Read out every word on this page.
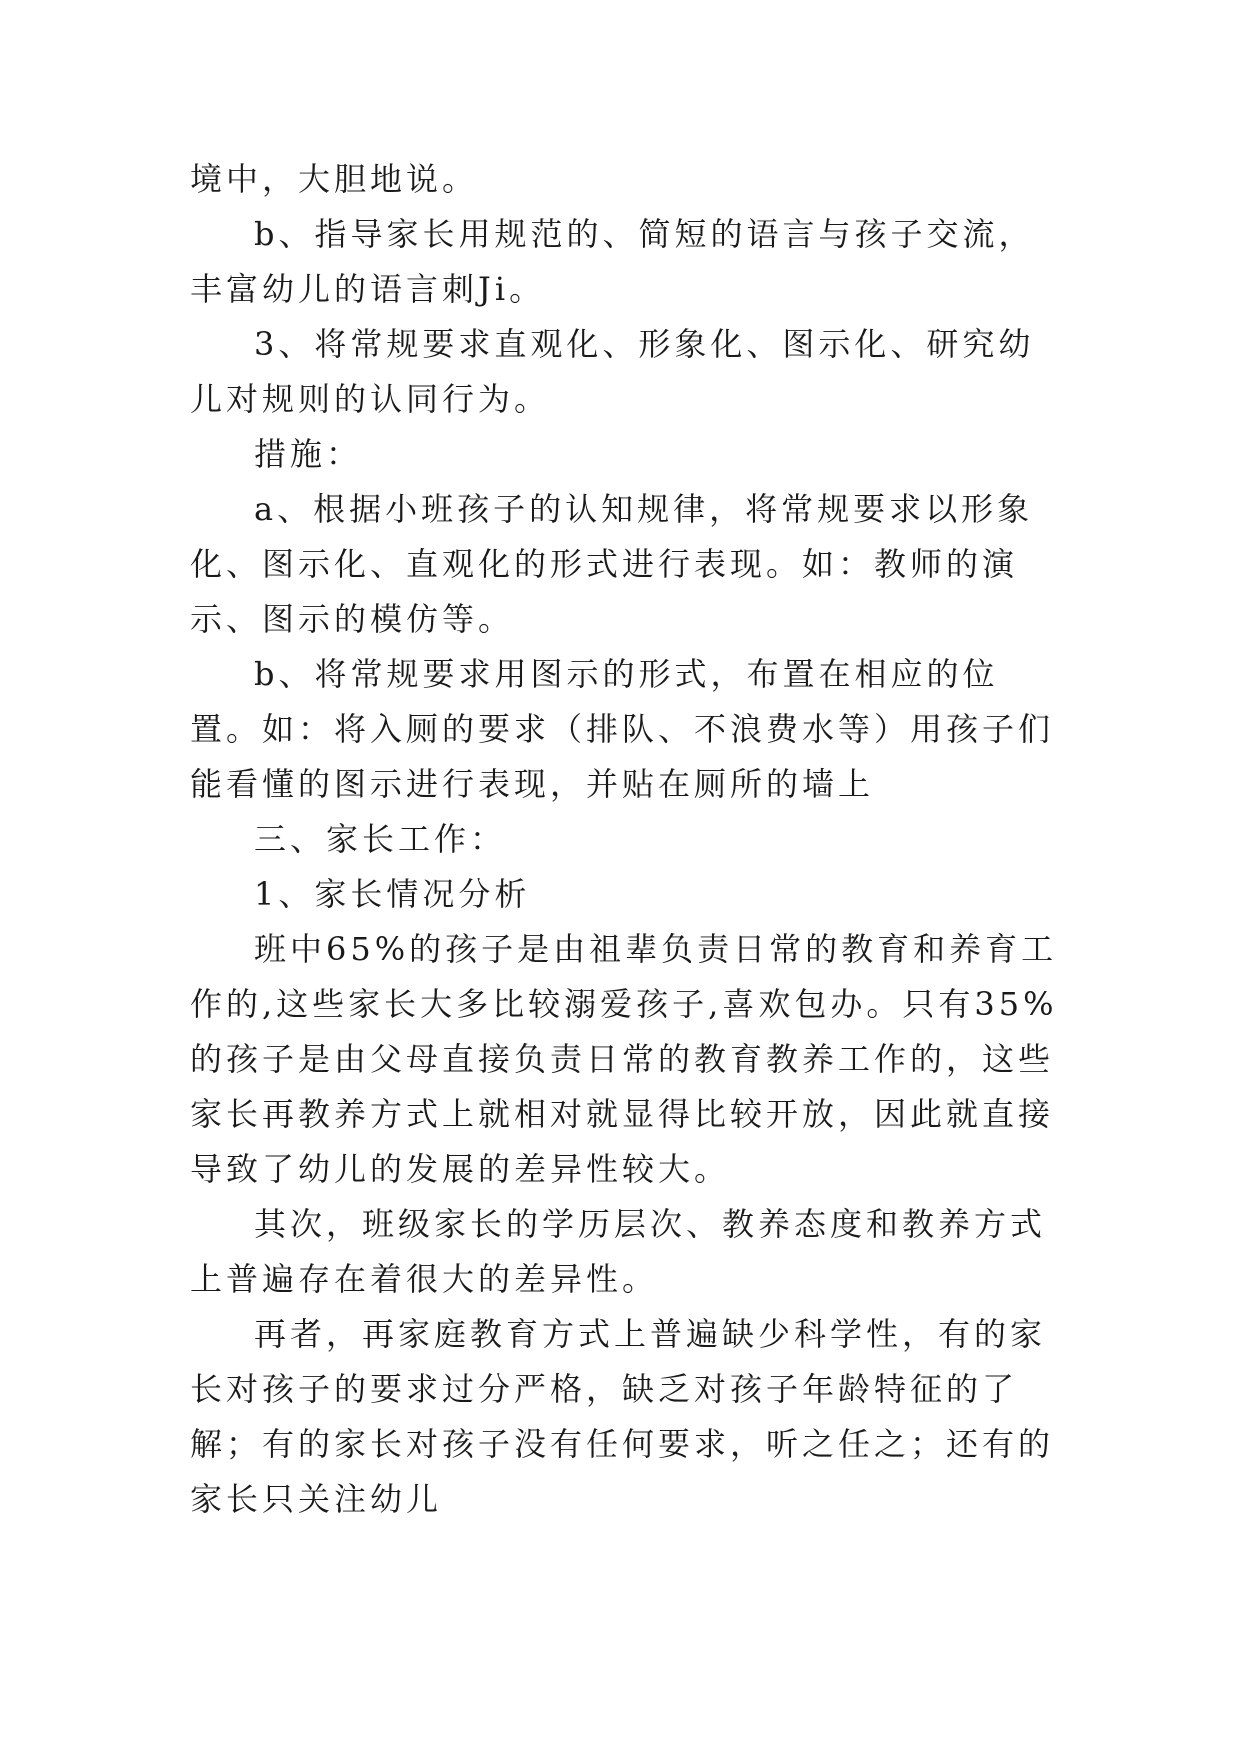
境中，大胆地说。

b、指导家长用规范的、简短的语言与孩子交流，丰富幼儿的语言刺Ji。

3、将常规要求直观化、形象化、图示化、研究幼儿对规则的认同行为。

措施：

a、根据小班孩子的认知规律，将常规要求以形象化、图示化、直观化的形式进行表现。如：教师的演示、图示的模仿等。

b、将常规要求用图示的形式，布置在相应的位置。如：将入厕的要求（排队、不浪费水等）用孩子们能看懂的图示进行表现，并贴在厕所的墙上

三、家长工作：

1、家长情况分析

班中65%的孩子是由祖辈负责日常的教育和养育工作的,这些家长大多比较溺爱孩子,喜欢包办。只有35%的孩子是由父母直接负责日常的教育教养工作的，这些家长再教养方式上就相对就显得比较开放，因此就直接导致了幼儿的发展的差异性较大。

其次，班级家长的学历层次、教养态度和教养方式上普遍存在着很大的差异性。

再者，再家庭教育方式上普遍缺少科学性，有的家长对孩子的要求过分严格，缺乏对孩子年龄特征的了解；有的家长对孩子没有任何要求，听之任之；还有的家长只关注幼儿
